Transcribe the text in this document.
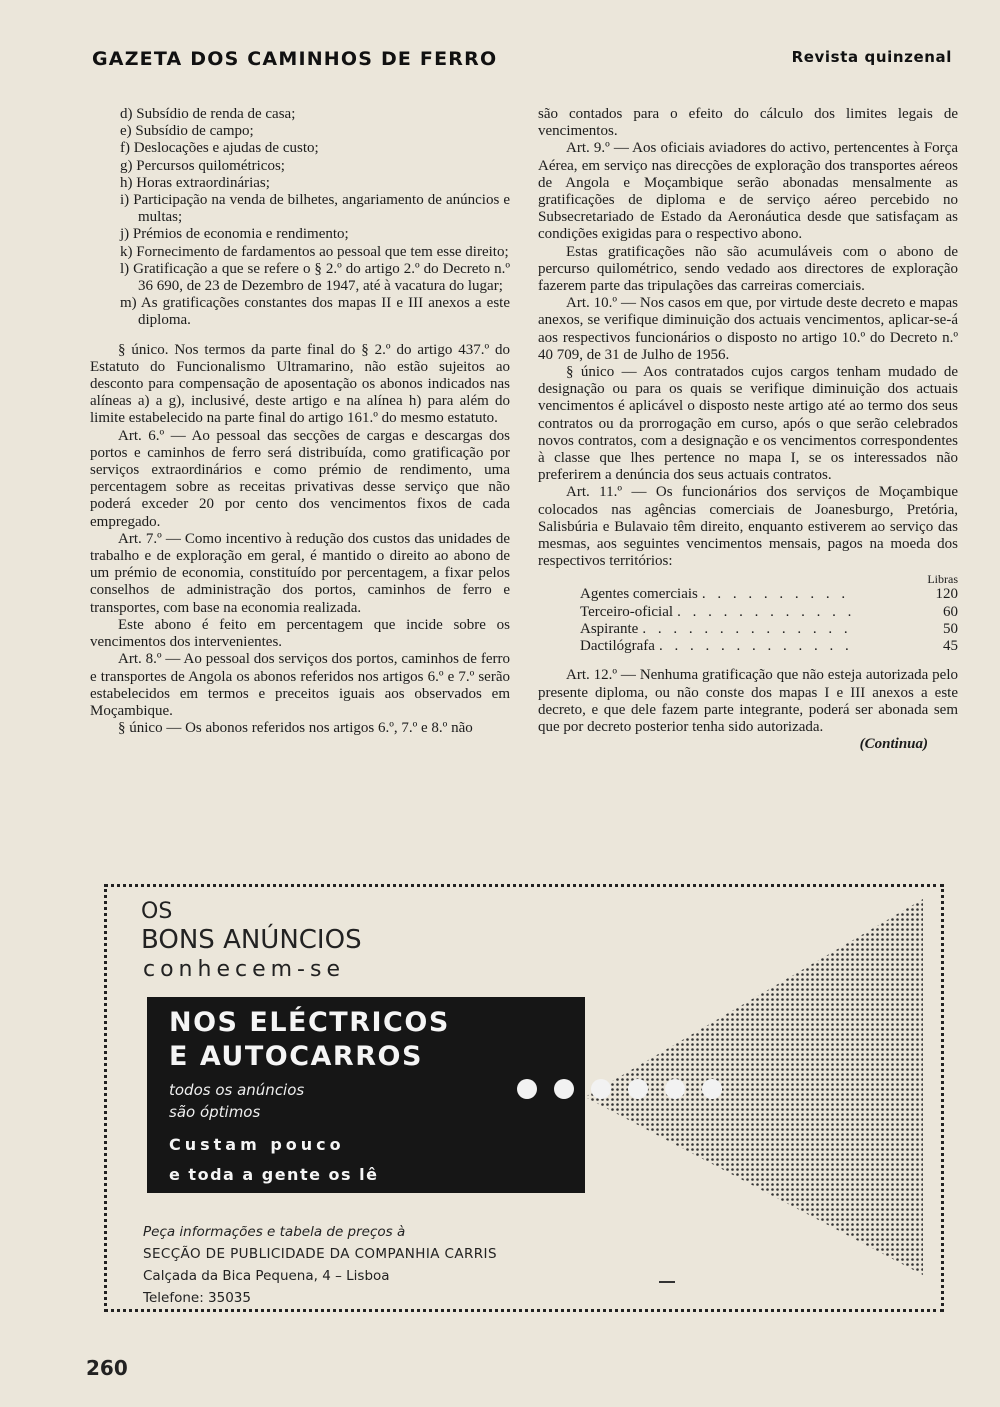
GAZETA DOS CAMINHOS DE FERRO	Revista quinzenal

d) Subsídio de renda de casa;

e) Subsídio de campo;

f) Deslocações e ajudas de custo;

g) Percursos quilométricos;

h) Horas extraordinárias;

i) Participação na venda de bilhetes, angariamento de anúncios e multas;

j) Prémios de economia e rendimento;

k) Fornecimento de fardamentos ao pessoal que tem esse direito;

l) Gratificação a que se refere o § 2.º do artigo 2.º do Decreto n.º 36 690, de 23 de Dezembro de 1947, até à vacatura do lugar;

m) As gratificações constantes dos mapas II e III anexos a este diploma.

§ único. Nos termos da parte final do § 2.º do artigo 437.º do Estatuto do Funcionalismo Ultramarino, não estão sujeitos ao desconto para compensação de aposentação os abonos indicados nas alíneas a) a g), inclusivé, deste artigo e na alínea h) para além do limite estabelecido na parte final do artigo 161.º do mesmo estatuto.

Art. 6.º — Ao pessoal das secções de cargas e descargas dos portos e caminhos de ferro será distribuída, como gratificação por serviços extraordinários e como prémio de rendimento, uma percentagem sobre as receitas privativas desse serviço que não poderá exceder 20 por cento dos vencimentos fixos de cada empregado.

Art. 7.º — Como incentivo à redução dos custos das unidades de trabalho e de exploração em geral, é mantido o direito ao abono de um prémio de economia, constituído por percentagem, a fixar pelos conselhos de administração dos portos, caminhos de ferro e transportes, com base na economia realizada.

Este abono é feito em percentagem que incide sobre os vencimentos dos intervenientes.

Art. 8.º — Ao pessoal dos serviços dos portos, caminhos de ferro e transportes de Angola os abonos referidos nos artigos 6.º e 7.º serão estabelecidos em termos e preceitos iguais aos observados em Moçambique.

§ único — Os abonos referidos nos artigos 6.º, 7.º e 8.º não

são contados para o efeito do cálculo dos limites legais de vencimentos.

Art. 9.º — Aos oficiais aviadores do activo, pertencentes à Força Aérea, em serviço nas direcções de exploração dos transportes aéreos de Angola e Moçambique serão abonadas mensalmente as gratificações de diploma e de serviço aéreo percebido no Subsecretariado de Estado da Aeronáutica desde que satisfaçam as condições exigidas para o respectivo abono.

Estas gratificações não são acumuláveis com o abono de percurso quilométrico, sendo vedado aos directores de exploração fazerem parte das tripulações das carreiras comerciais.

Art. 10.º — Nos casos em que, por virtude deste decreto e mapas anexos, se verifique diminuição dos actuais vencimentos, aplicar-se-á aos respectivos funcionários o disposto no artigo 10.º do Decreto n.º 40 709, de 31 de Julho de 1956.

§ único — Aos contratados cujos cargos tenham mudado de designação ou para os quais se verifique diminuição dos actuais vencimentos é aplicável o disposto neste artigo até ao termo dos seus contratos ou da prorrogação em curso, após o que serão celebrados novos contratos, com a designação e os vencimentos correspondentes à classe que lhes pertence no mapa I, se os interessados não preferirem a denúncia dos seus actuais contratos.

Art. 11.º — Os funcionários dos serviços de Moçambique colocados nas agências comerciais de Joanesburgo, Pretória, Salisbúria e Bulavaio têm direito, enquanto estiverem ao serviço das mesmas, aos seguintes vencimentos mensais, pagos na moeda dos respectivos territórios:

Libras
Agentes comerciais . . . . . . . . . .	120
Terceiro-oficial . . . . . . . . . . . .	60
Aspirante . . . . . . . . . . . . . .	50
Dactilógrafa . . . . . . . . . . . . .	45

Art. 12.º — Nenhuma gratificação que não esteja autorizada pelo presente diploma, ou não conste dos mapas I e III anexos a este decreto, e que dele fazem parte integrante, poderá ser abonada sem que por decreto posterior tenha sido autorizada.

(Continua)

OS
BONS ANÚNCIOS
conhecem-se
NOS ELÉCTRICOS
E AUTOCARROS
todos os anúncios
são óptimos
Custam pouco
e toda a gente os lê
Peça informações e tabela de preços à
SECÇÃO DE PUBLICIDADE DA COMPANHIA CARRIS
Calçada da Bica Pequena, 4 – Lisboa
Telefone: 35035
260
